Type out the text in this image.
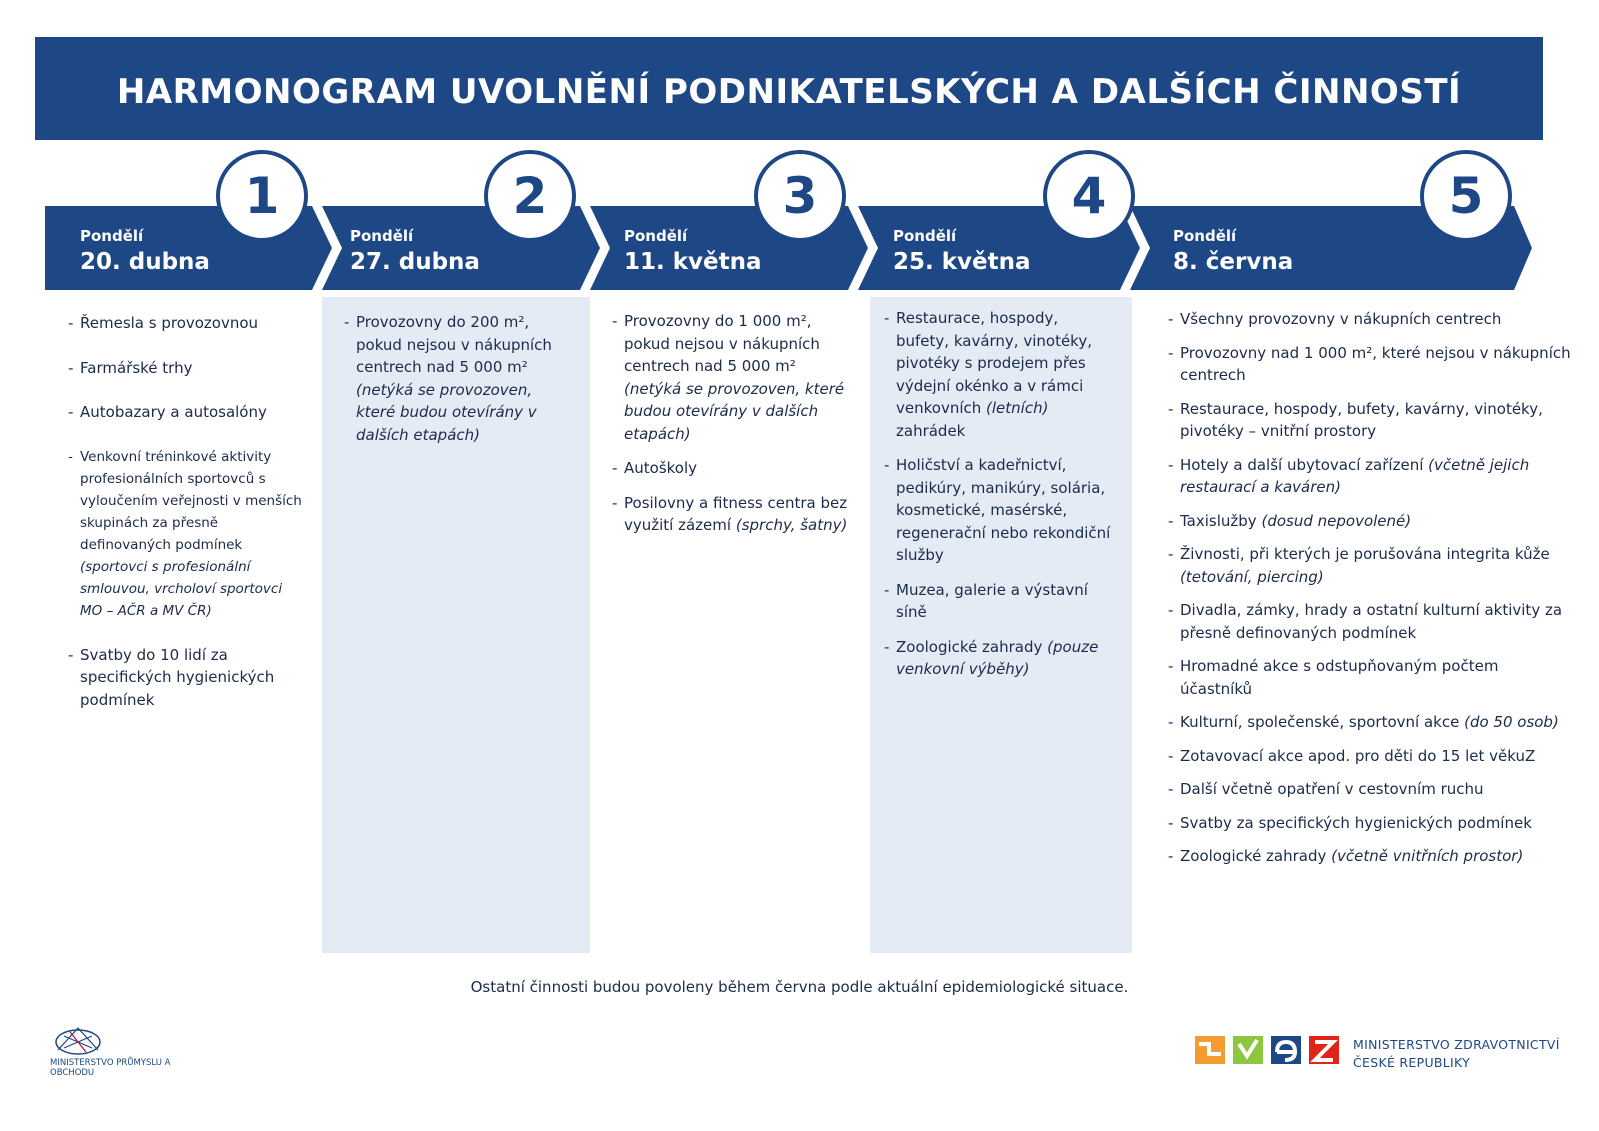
HARMONOGRAM UVOLNĚNÍ PODNIKATELSKÝCH A DALŠÍCH ČINNOSTÍ
Pondělí
20. dubna
Pondělí
27. dubna
Pondělí
11. května
Pondělí
25. května
Pondělí
8. června
1	2	3	4	5
- Řemesla s provozovnou
- Farmářské trhy
- Autobazary a autosalóny
- Venkovní tréninkové aktivity profesionálních sportovců s vyloučením veřejnosti v menších skupinách za přesně definovaných podmínek (sportovci s profesionální smlouvou, vrcholoví sportovci MO – AČR a MV ČR)
- Svatby do 10 lidí za specifických hygienických podmínek
- Provozovny do 200 m², pokud nejsou v nákupních centrech nad 5 000 m² (netýká se provozoven, které budou otevírány v dalších etapách)
- Provozovny do 1 000 m², pokud nejsou v nákupních centrech nad 5 000 m² (netýká se provozoven, které budou otevírány v dalších etapách)
- Autoškoly
- Posilovny a fitness centra bez využití zázemí (sprchy, šatny)
- Restaurace, hospody, bufety, kavárny, vinotéky, pivotéky s prodejem přes výdejní okénko a v rámci venkovních (letních) zahrádek
- Holičství a kadeřnictví, pedikúry, manikúry, solária, kosmetické, masérské, regenerační nebo rekondiční služby
- Muzea, galerie a výstavní síně
- Zoologické zahrady (pouze venkovní výběhy)
- Všechny provozovny v nákupních centrech
- Provozovny nad 1 000 m², které nejsou v nákupních centrech
- Restaurace, hospody, bufety, kavárny, vinotéky, pivotéky – vnitřní prostory
- Hotely a další ubytovací zařízení (včetně jejich restaurací a kaváren)
- Taxislužby (dosud nepovolené)
- Živnosti, při kterých je porušována integrita kůže (tetování, piercing)
- Divadla, zámky, hrady a ostatní kulturní aktivity za přesně definovaných podmínek
- Hromadné akce s odstupňovaným počtem účastníků
- Kulturní, společenské, sportovní akce (do 50 osob)
- Zotavovací akce apod. pro děti do 15 let věkuZ
- Další včetně opatření v cestovním ruchu
- Svatby za specifických hygienických podmínek
- Zoologické zahrady (včetně vnitřních prostor)
Ostatní činnosti budou povoleny během června podle aktuální epidemiologické situace.
MINISTERSTVO PRŮMYSLU A OBCHODU
MINISTERSTVO ZDRAVOTNICTVÍ
ČESKÉ REPUBLIKY
